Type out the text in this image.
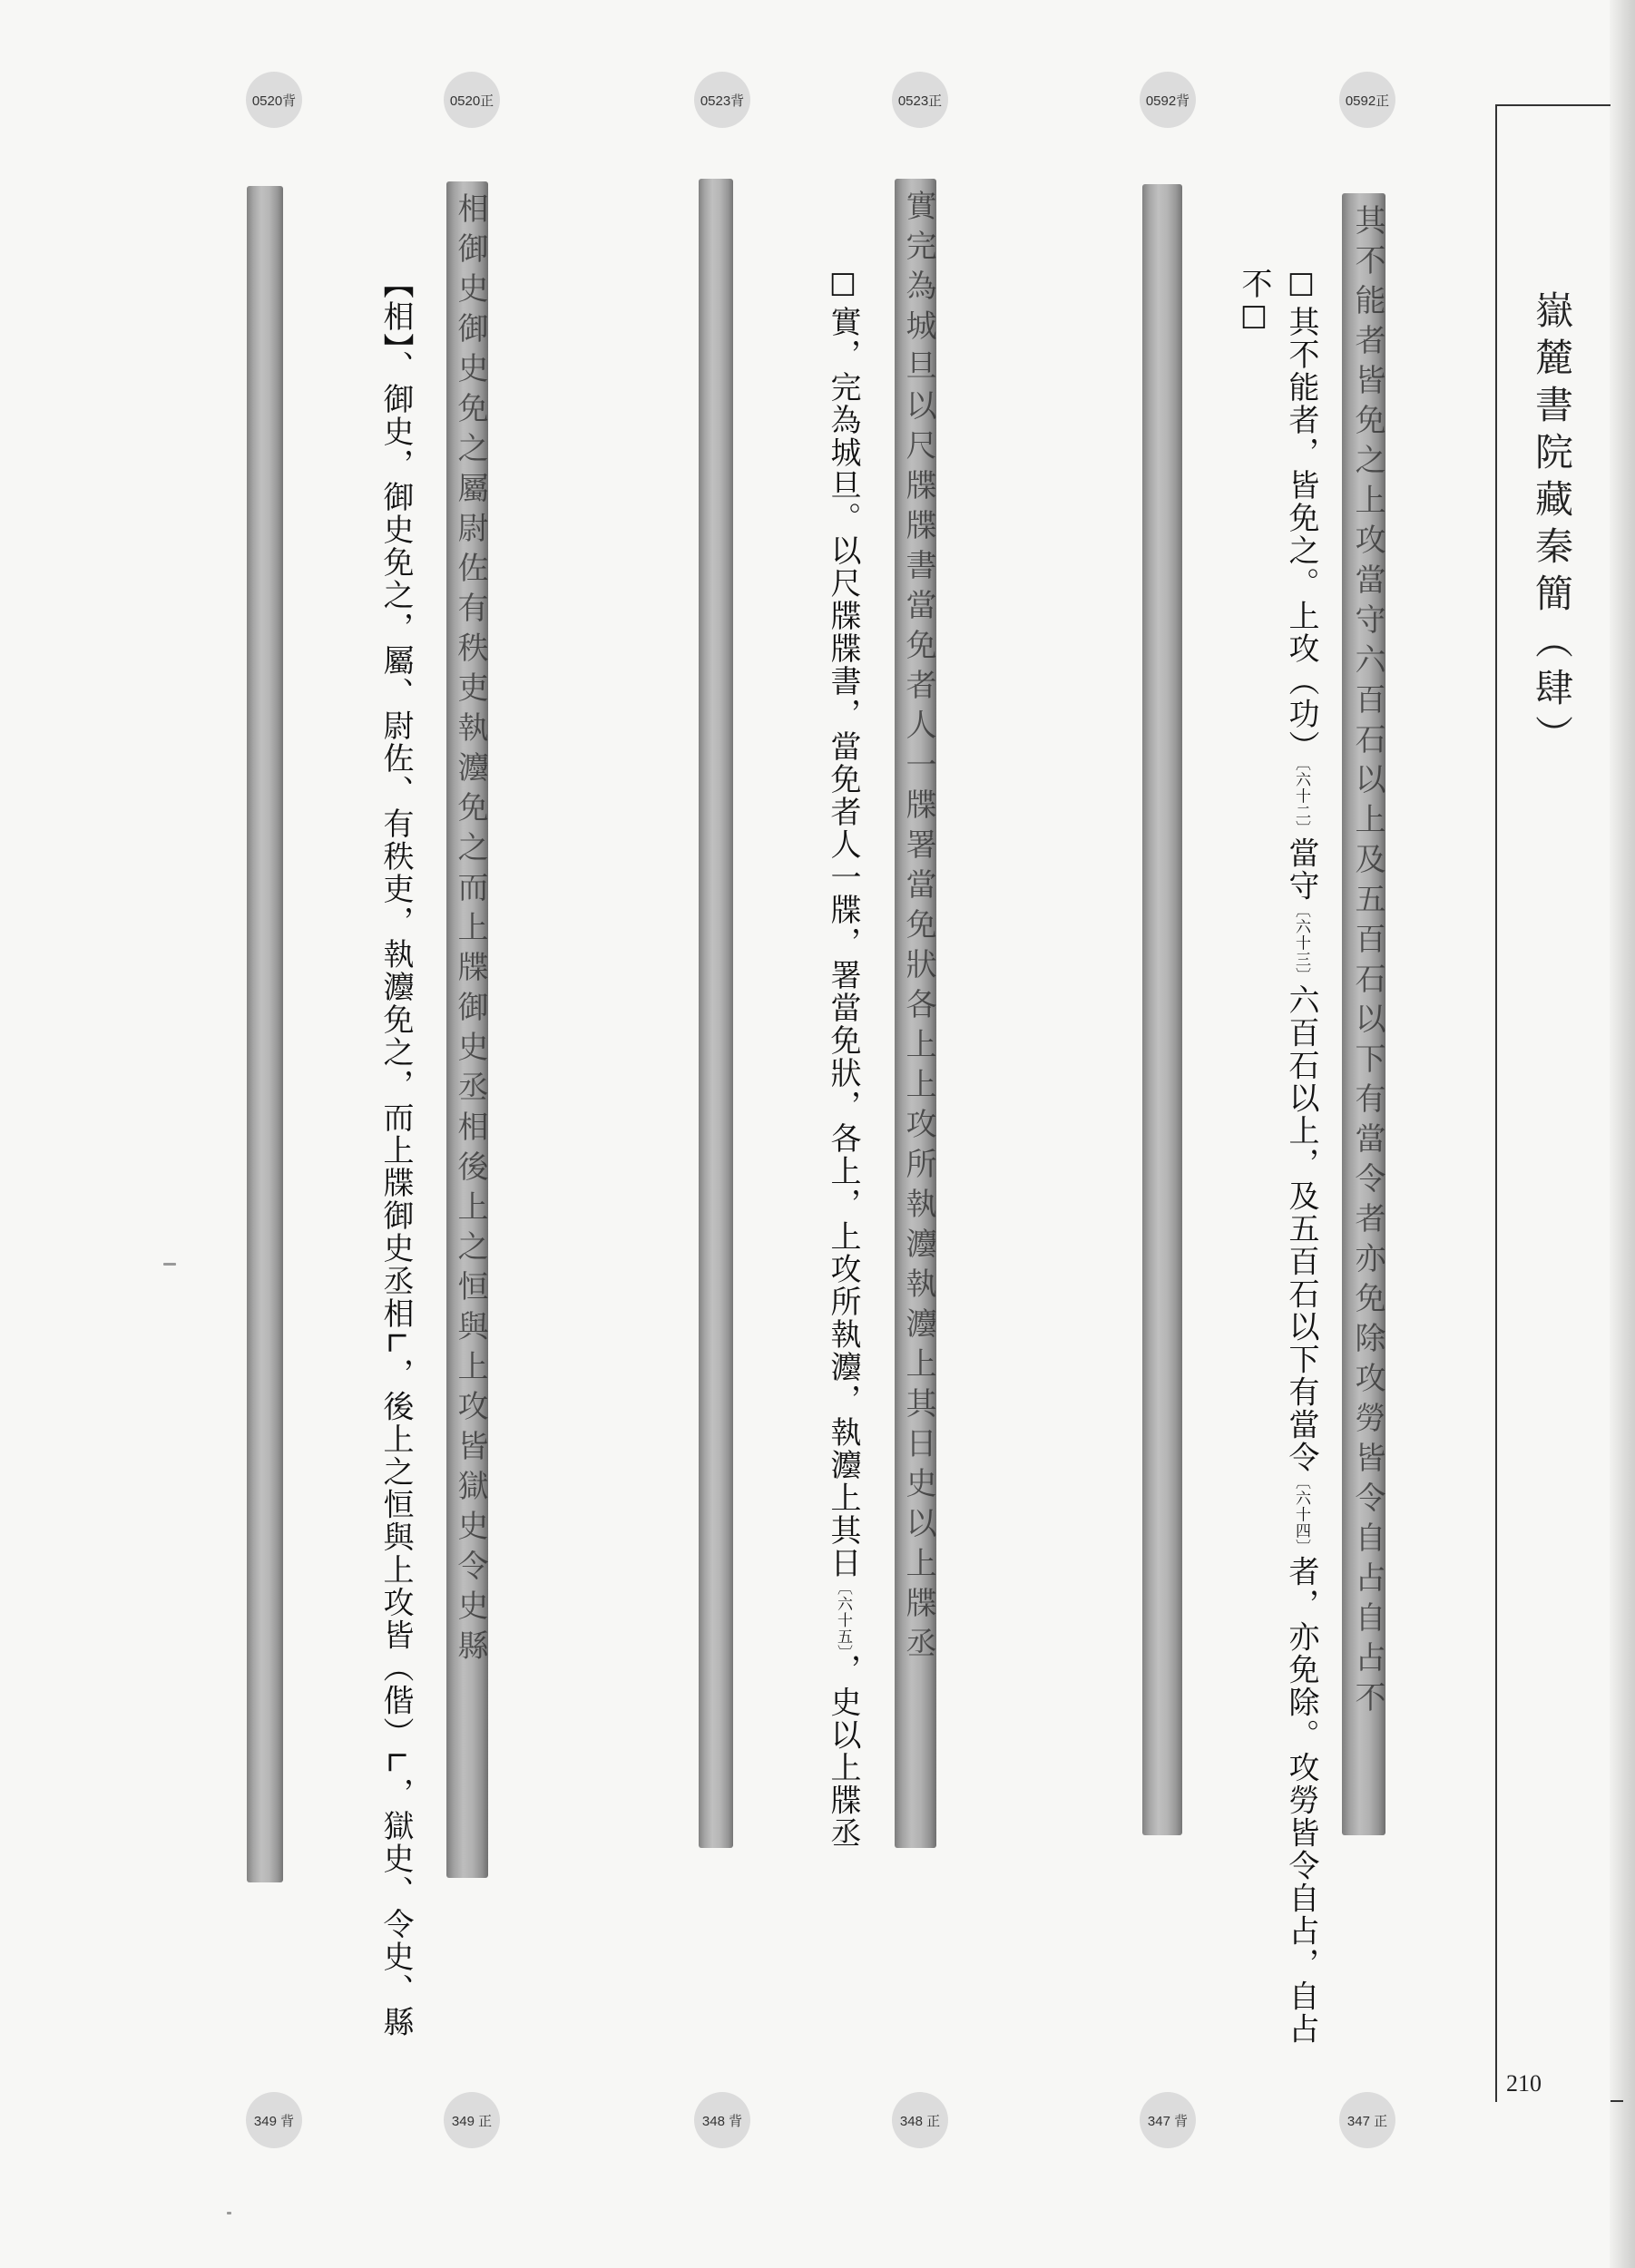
嶽麓書院藏秦簡（肆）
210
0520背	0520正	0523背	0523正	0592背	0592正
349 背	349 正	348 背	348 正	347 背	347 正
相御史御史免之屬尉佐有秩吏執灋免之而上牒御史丞相後上之恒與上攻皆獄史令史縣	實完為城旦以尺牒牒書當免者人一牒署當免狀各上上攻所執灋執灋上其日史以上牒丞	其不能者皆免之上攻當守六百石以上及五百石以下有當令者亦免除攻勞皆令自占自占不
☐其不能者，皆免之。上攻（功）〔六十二〕當守〔六十三〕六百石以上，及五百石以下有當令〔六十四〕者，亦免除。攻勞皆令自占，自占
不☐
☐實，完為城旦。以尺牒牒書，當免者人一牒，署當免狀，各上，上攻所執灋，執灋上其日〔六十五〕，史以上牒丞
【相】、御史，御史免之，屬、尉佐、有秩吏，執灋免之，而上牒御史丞相∟，後上之恒與上攻皆（偕）∟，獄史、令史、縣
